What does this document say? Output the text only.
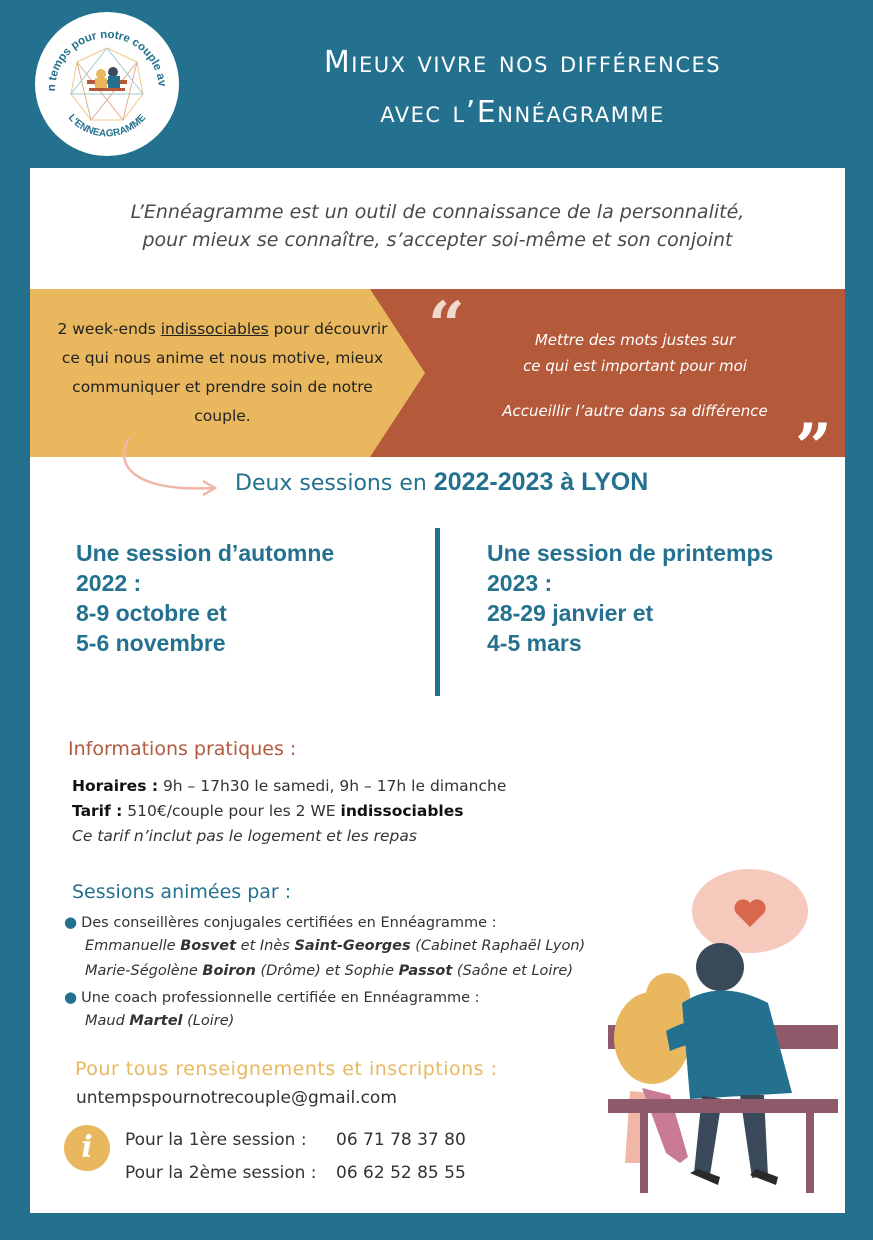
n temps pour notre couple av
L'ENNEAGRAMME
Mieux vivre nos différences
avec l’Ennéagramme
L’Ennéagramme est un outil de connaissance de la personnalité,
pour mieux se connaître, s’accepter soi-même et son conjoint
2 week-ends indissociables pour découvrir ce qui nous anime et nous motive, mieux communiquer et prendre soin de notre couple.
“	Mettre des mots justes sur
ce qui est important pour moi
Accueillir l’autre dans sa différence ”
Deux sessions en 2022-2023 à LYON
Une session d’automne
2022 :
8-9 octobre et
5-6 novembre
Une session de printemps
2023 :
28-29 janvier et
4-5 mars
Informations pratiques :
Horaires : 9h – 17h30 le samedi, 9h – 17h le dimanche
Tarif : 510€/couple pour les 2 WE indissociables
Ce tarif n’inclut pas le logement et les repas
Sessions animées par :
● Des conseillères conjugales certifiées en Ennéagramme :
Emmanuelle Bosvet et Inès Saint-Georges (Cabinet Raphaël Lyon)
Marie-Ségolène Boiron (Drôme) et Sophie Passot (Saône et Loire)
● Une coach professionnelle certifiée en Ennéagramme :
Maud Martel (Loire)
Pour tous renseignements et inscriptions :
untempspournotrecouple@gmail.com
i	Pour la 1ère session : 06 71 78 37 80
Pour la 2ème session : 06 62 52 85 55
